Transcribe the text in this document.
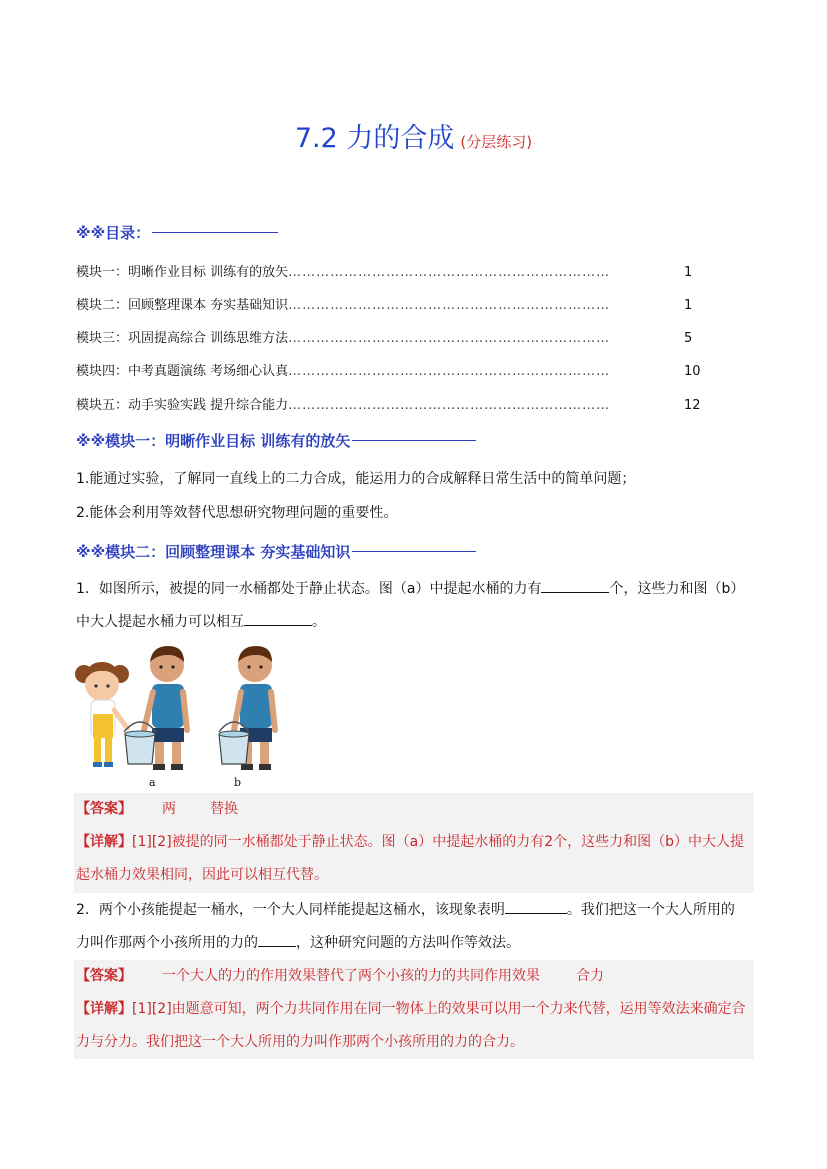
7.2 力的合成 (分层练习)
※※目录：
模块一：明晰作业目标 训练有的放矢 ……………………………………………………………	1
模块二：回顾整理课本 夯实基础知识 ……………………………………………………………	1
模块三：巩固提高综合 训练思维方法 ……………………………………………………………	5
模块四：中考真题演练 考场细心认真 ……………………………………………………………	10
模块五：动手实验实践 提升综合能力 ……………………………………………………………	12
※※模块一：明晰作业目标 训练有的放矢
1.能通过实验，了解同一直线上的二力合成，能运用力的合成解释日常生活中的简单问题；
2.能体会利用等效替代思想研究物理问题的重要性。
※※模块二：回顾整理课本 夯实基础知识
1．如图所示，被提的同一水桶都处于静止状态。图（a）中提起水桶的力有	个，这些力和图（b）
中大人提起水桶力可以相互	。
a	b
【答案】 两 替换
【详解】[1][2]被提的同一水桶都处于静止状态。图（a）中提起水桶的力有2个，这些力和图（b）中大人提起水桶力效果相同，因此可以相互代替。
2．两个小孩能提起一桶水，一个大人同样能提起这桶水，该现象表明	。我们把这一个大人所用的
力叫作那两个小孩所用的力的	，这种研究问题的方法叫作等效法。
【答案】 一个大人的力的作用效果替代了两个小孩的力的共同作用效果	合力
【详解】[1][2]由题意可知，两个力共同作用在同一物体上的效果可以用一个力来代替，运用等效法来确定合力与分力。我们把这一个大人所用的力叫作那两个小孩所用的力的合力。
